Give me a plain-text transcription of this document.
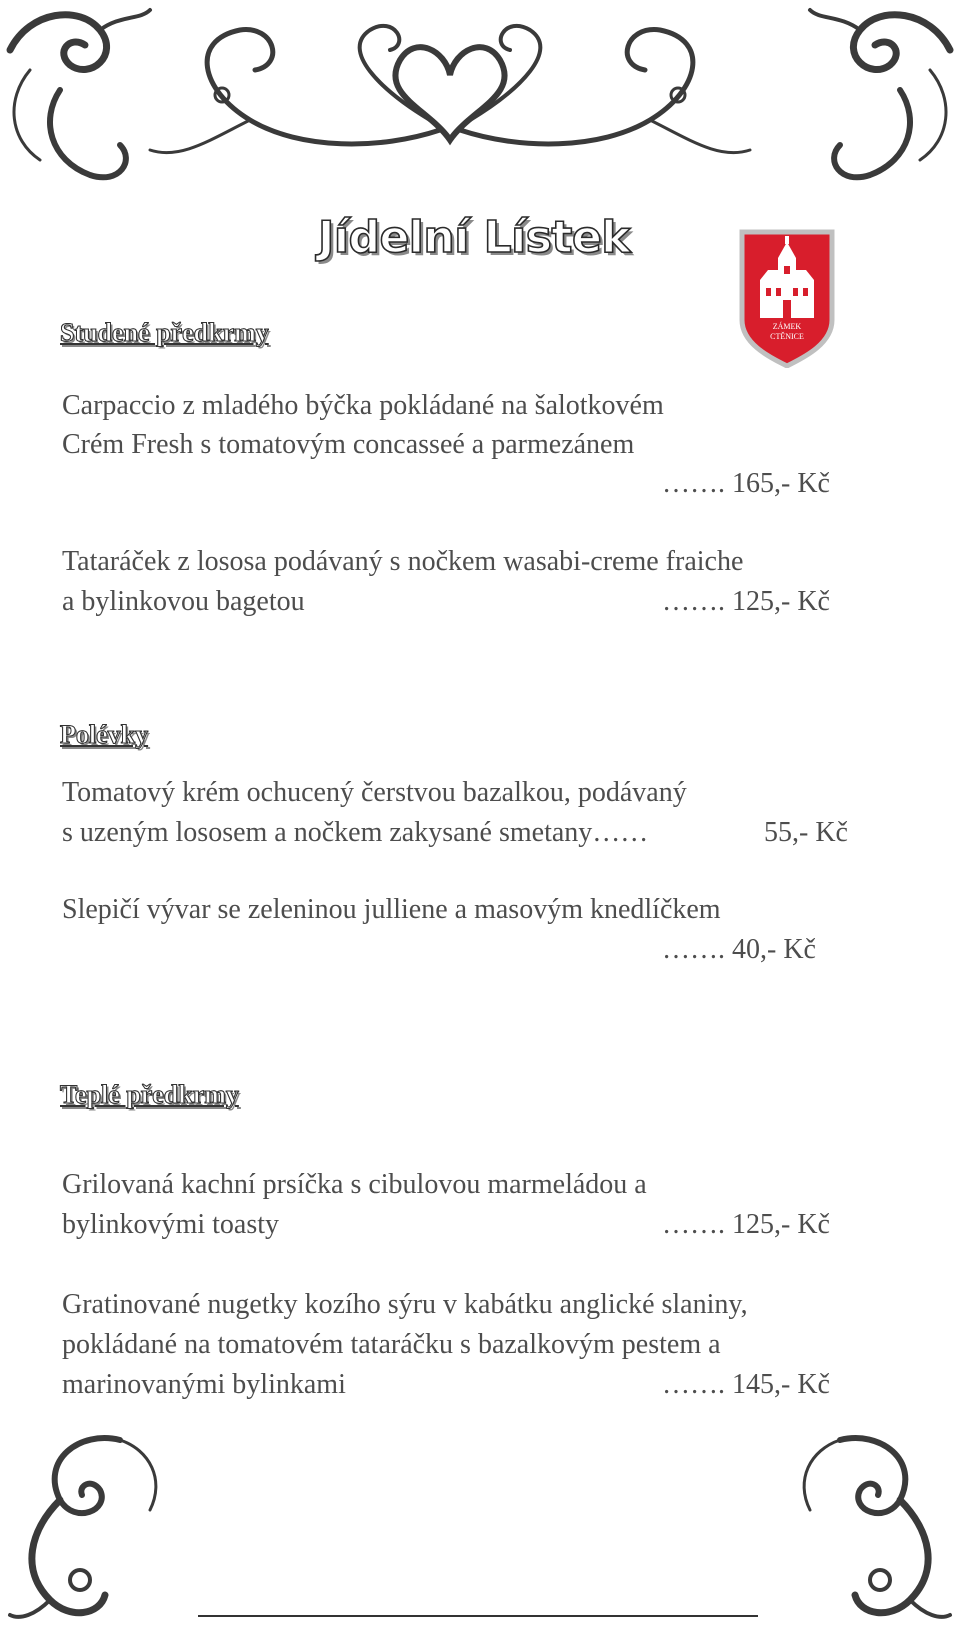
Jídelní Lístek
ZÁMEK
CTĚNICE
Studené předkrmy
Carpaccio z mladého býčka pokládané na šalotkovém
Crém Fresh s tomatovým concasseé a parmezánem
……. 165,- Kč
Tataráček z lososa podávaný s nočkem wasabi-creme fraiche
a bylinkovou bagetou	……. 125,- Kč
Polévky
Tomatový krém ochucený čerstvou bazalkou, podávaný
s uzeným lososem a nočkem zakysané smetany……	55,- Kč
Slepičí vývar se zeleninou julliene a masovým knedlíčkem
……. 40,- Kč
Teplé předkrmy
Grilovaná kachní prsíčka s cibulovou marmeládou a
bylinkovými toasty	……. 125,- Kč
Gratinované nugetky kozího sýru v kabátku anglické slaniny,
pokládané na tomatovém tataráčku s bazalkovým pestem a
marinovanými bylinkami	……. 145,- Kč
